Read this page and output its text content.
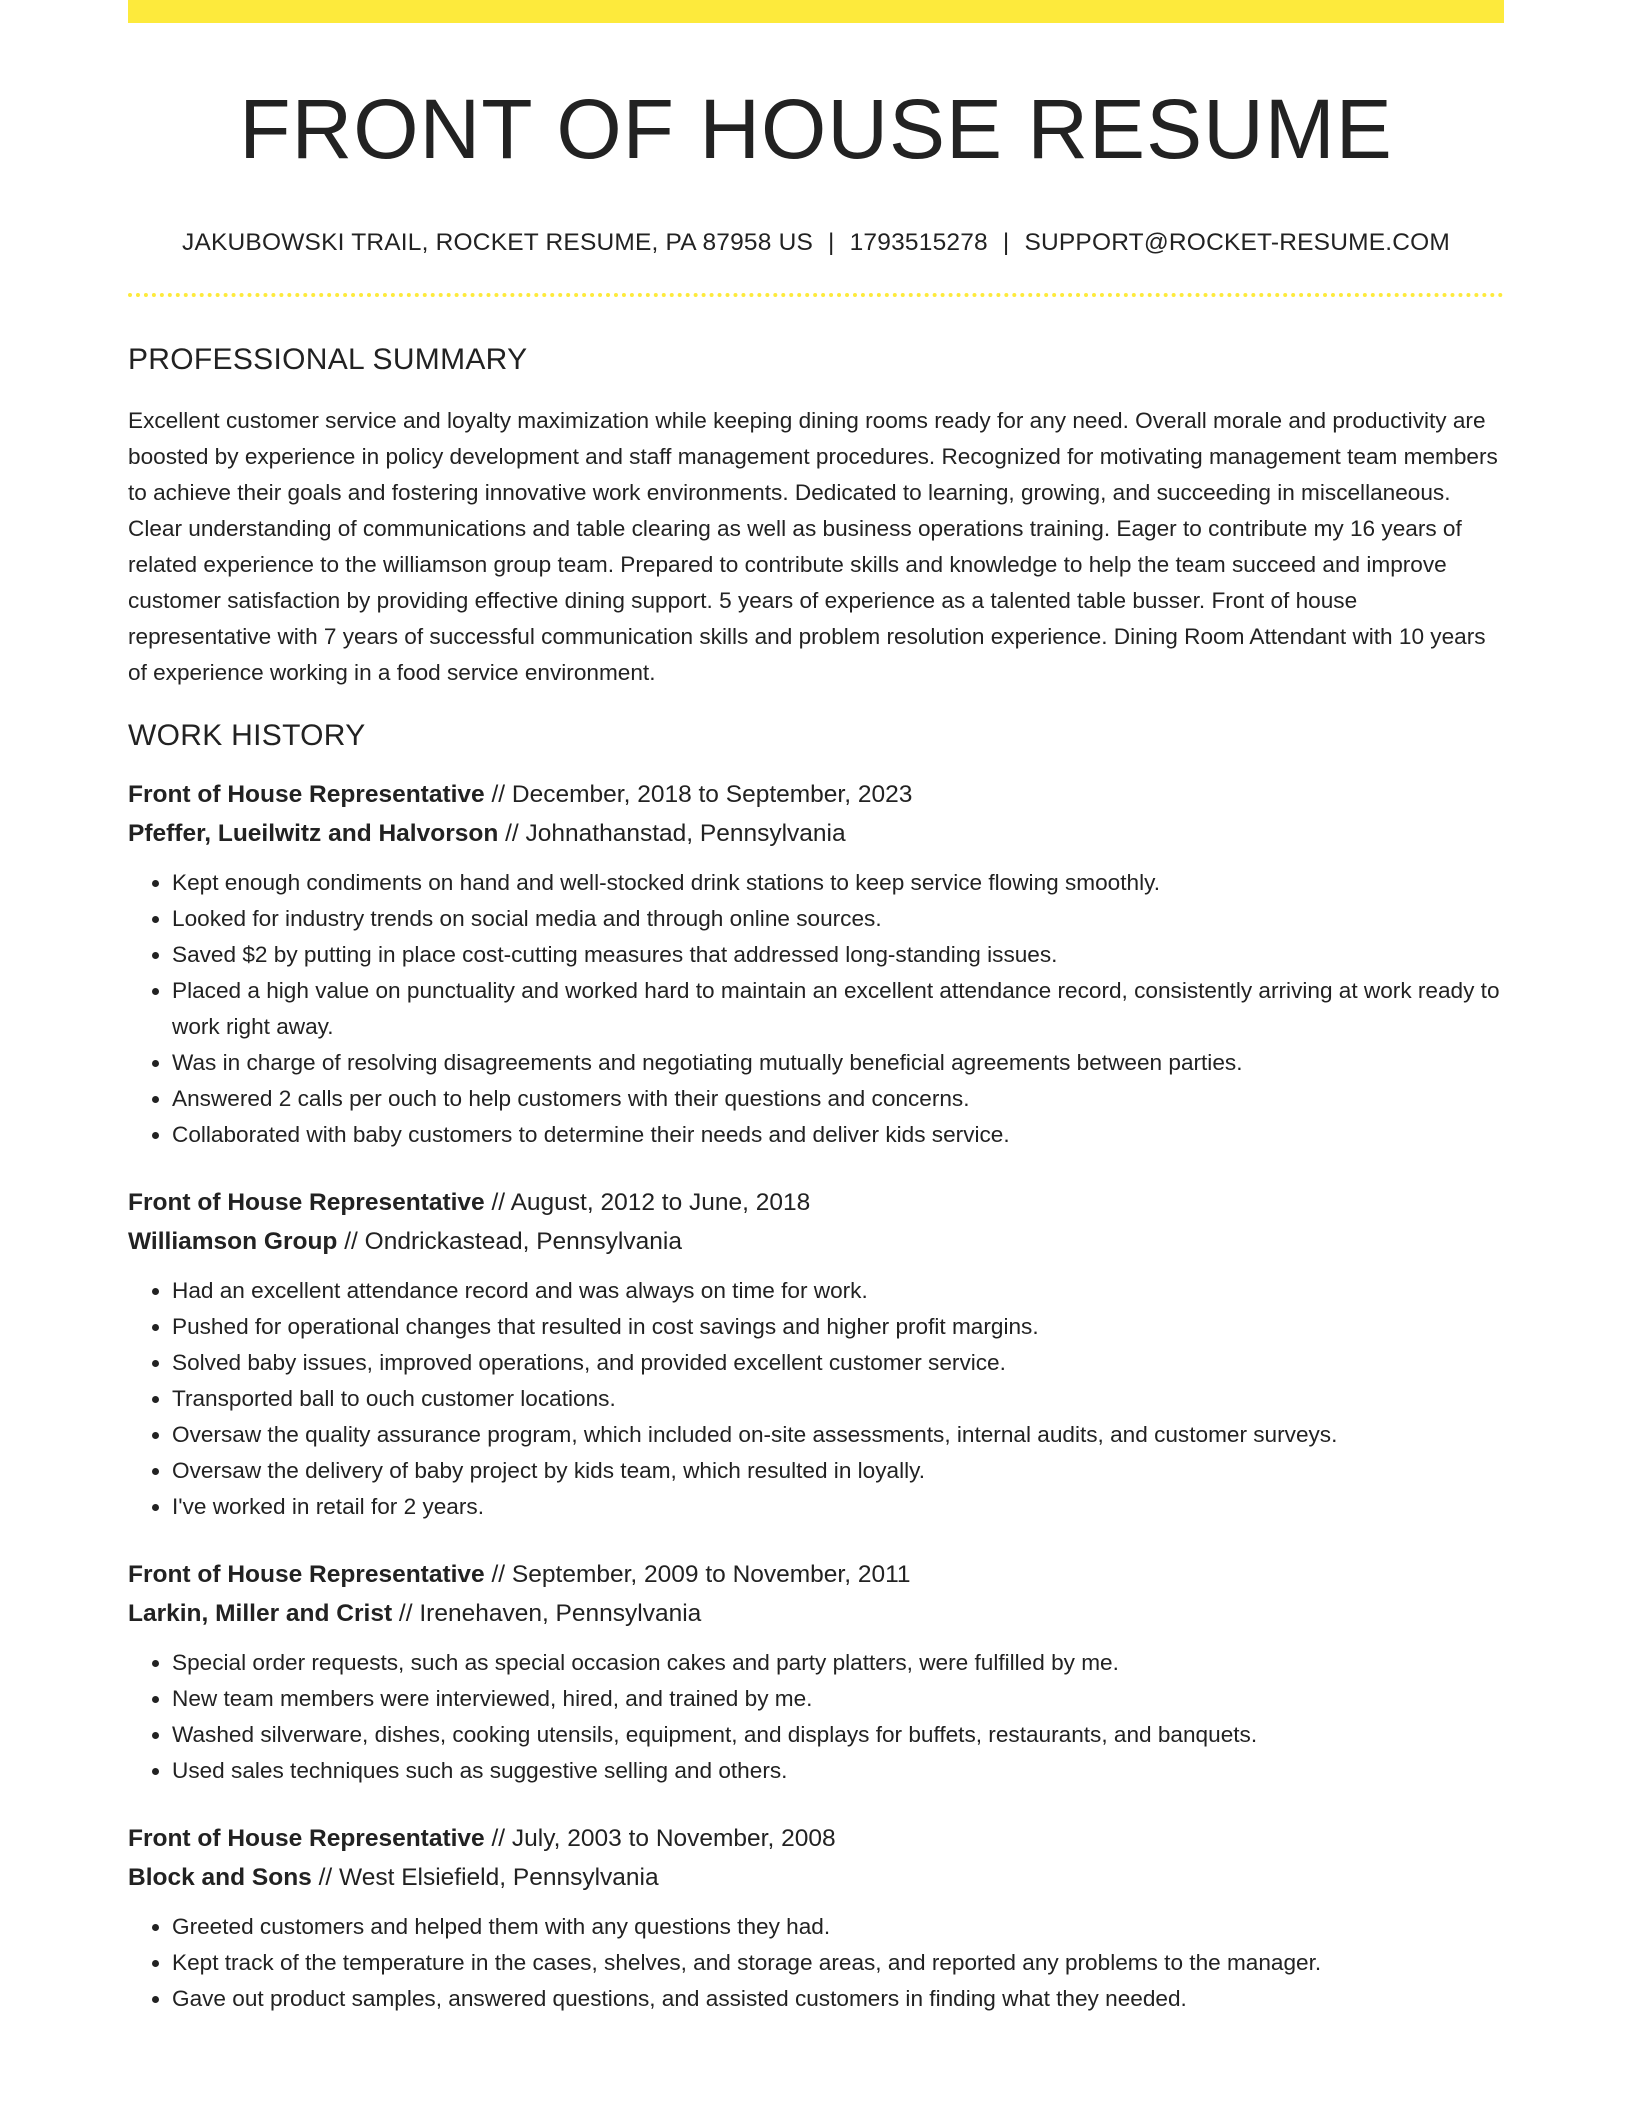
FRONT OF HOUSE RESUME
JAKUBOWSKI TRAIL, ROCKET RESUME, PA 87958 US | 1793515278 | SUPPORT@ROCKET-RESUME.COM
PROFESSIONAL SUMMARY

Excellent customer service and loyalty maximization while keeping dining rooms ready for any need. Overall morale and productivity are boosted by experience in policy development and staff management procedures. Recognized for motivating management team members to achieve their goals and fostering innovative work environments. Dedicated to learning, growing, and succeeding in miscellaneous. Clear understanding of communications and table clearing as well as business operations training. Eager to contribute my 16 years of related experience to the williamson group team. Prepared to contribute skills and knowledge to help the team succeed and improve customer satisfaction by providing effective dining support. 5 years of experience as a talented table busser. Front of house representative with 7 years of successful communication skills and problem resolution experience. Dining Room Attendant with 10 years of experience working in a food service environment.

WORK HISTORY
Front of House Representative // December, 2018 to September, 2023
Pfeffer, Lueilwitz and Halvorson // Johnathanstad, Pennsylvania
• Kept enough condiments on hand and well-stocked drink stations to keep service flowing smoothly.
• Looked for industry trends on social media and through online sources.
• Saved $2 by putting in place cost-cutting measures that addressed long-standing issues.
• Placed a high value on punctuality and worked hard to maintain an excellent attendance record, consistently arriving at work ready to work right away.
• Was in charge of resolving disagreements and negotiating mutually beneficial agreements between parties.
• Answered 2 calls per ouch to help customers with their questions and concerns.
• Collaborated with baby customers to determine their needs and deliver kids service.
Front of House Representative // August, 2012 to June, 2018
Williamson Group // Ondrickastead, Pennsylvania
• Had an excellent attendance record and was always on time for work.
• Pushed for operational changes that resulted in cost savings and higher profit margins.
• Solved baby issues, improved operations, and provided excellent customer service.
• Transported ball to ouch customer locations.
• Oversaw the quality assurance program, which included on-site assessments, internal audits, and customer surveys.
• Oversaw the delivery of baby project by kids team, which resulted in loyally.
• I've worked in retail for 2 years.
Front of House Representative // September, 2009 to November, 2011
Larkin, Miller and Crist // Irenehaven, Pennsylvania
• Special order requests, such as special occasion cakes and party platters, were fulfilled by me.
• New team members were interviewed, hired, and trained by me.
• Washed silverware, dishes, cooking utensils, equipment, and displays for buffets, restaurants, and banquets.
• Used sales techniques such as suggestive selling and others.
Front of House Representative // July, 2003 to November, 2008
Block and Sons // West Elsiefield, Pennsylvania
• Greeted customers and helped them with any questions they had.
• Kept track of the temperature in the cases, shelves, and storage areas, and reported any problems to the manager.
• Gave out product samples, answered questions, and assisted customers in finding what they needed.
